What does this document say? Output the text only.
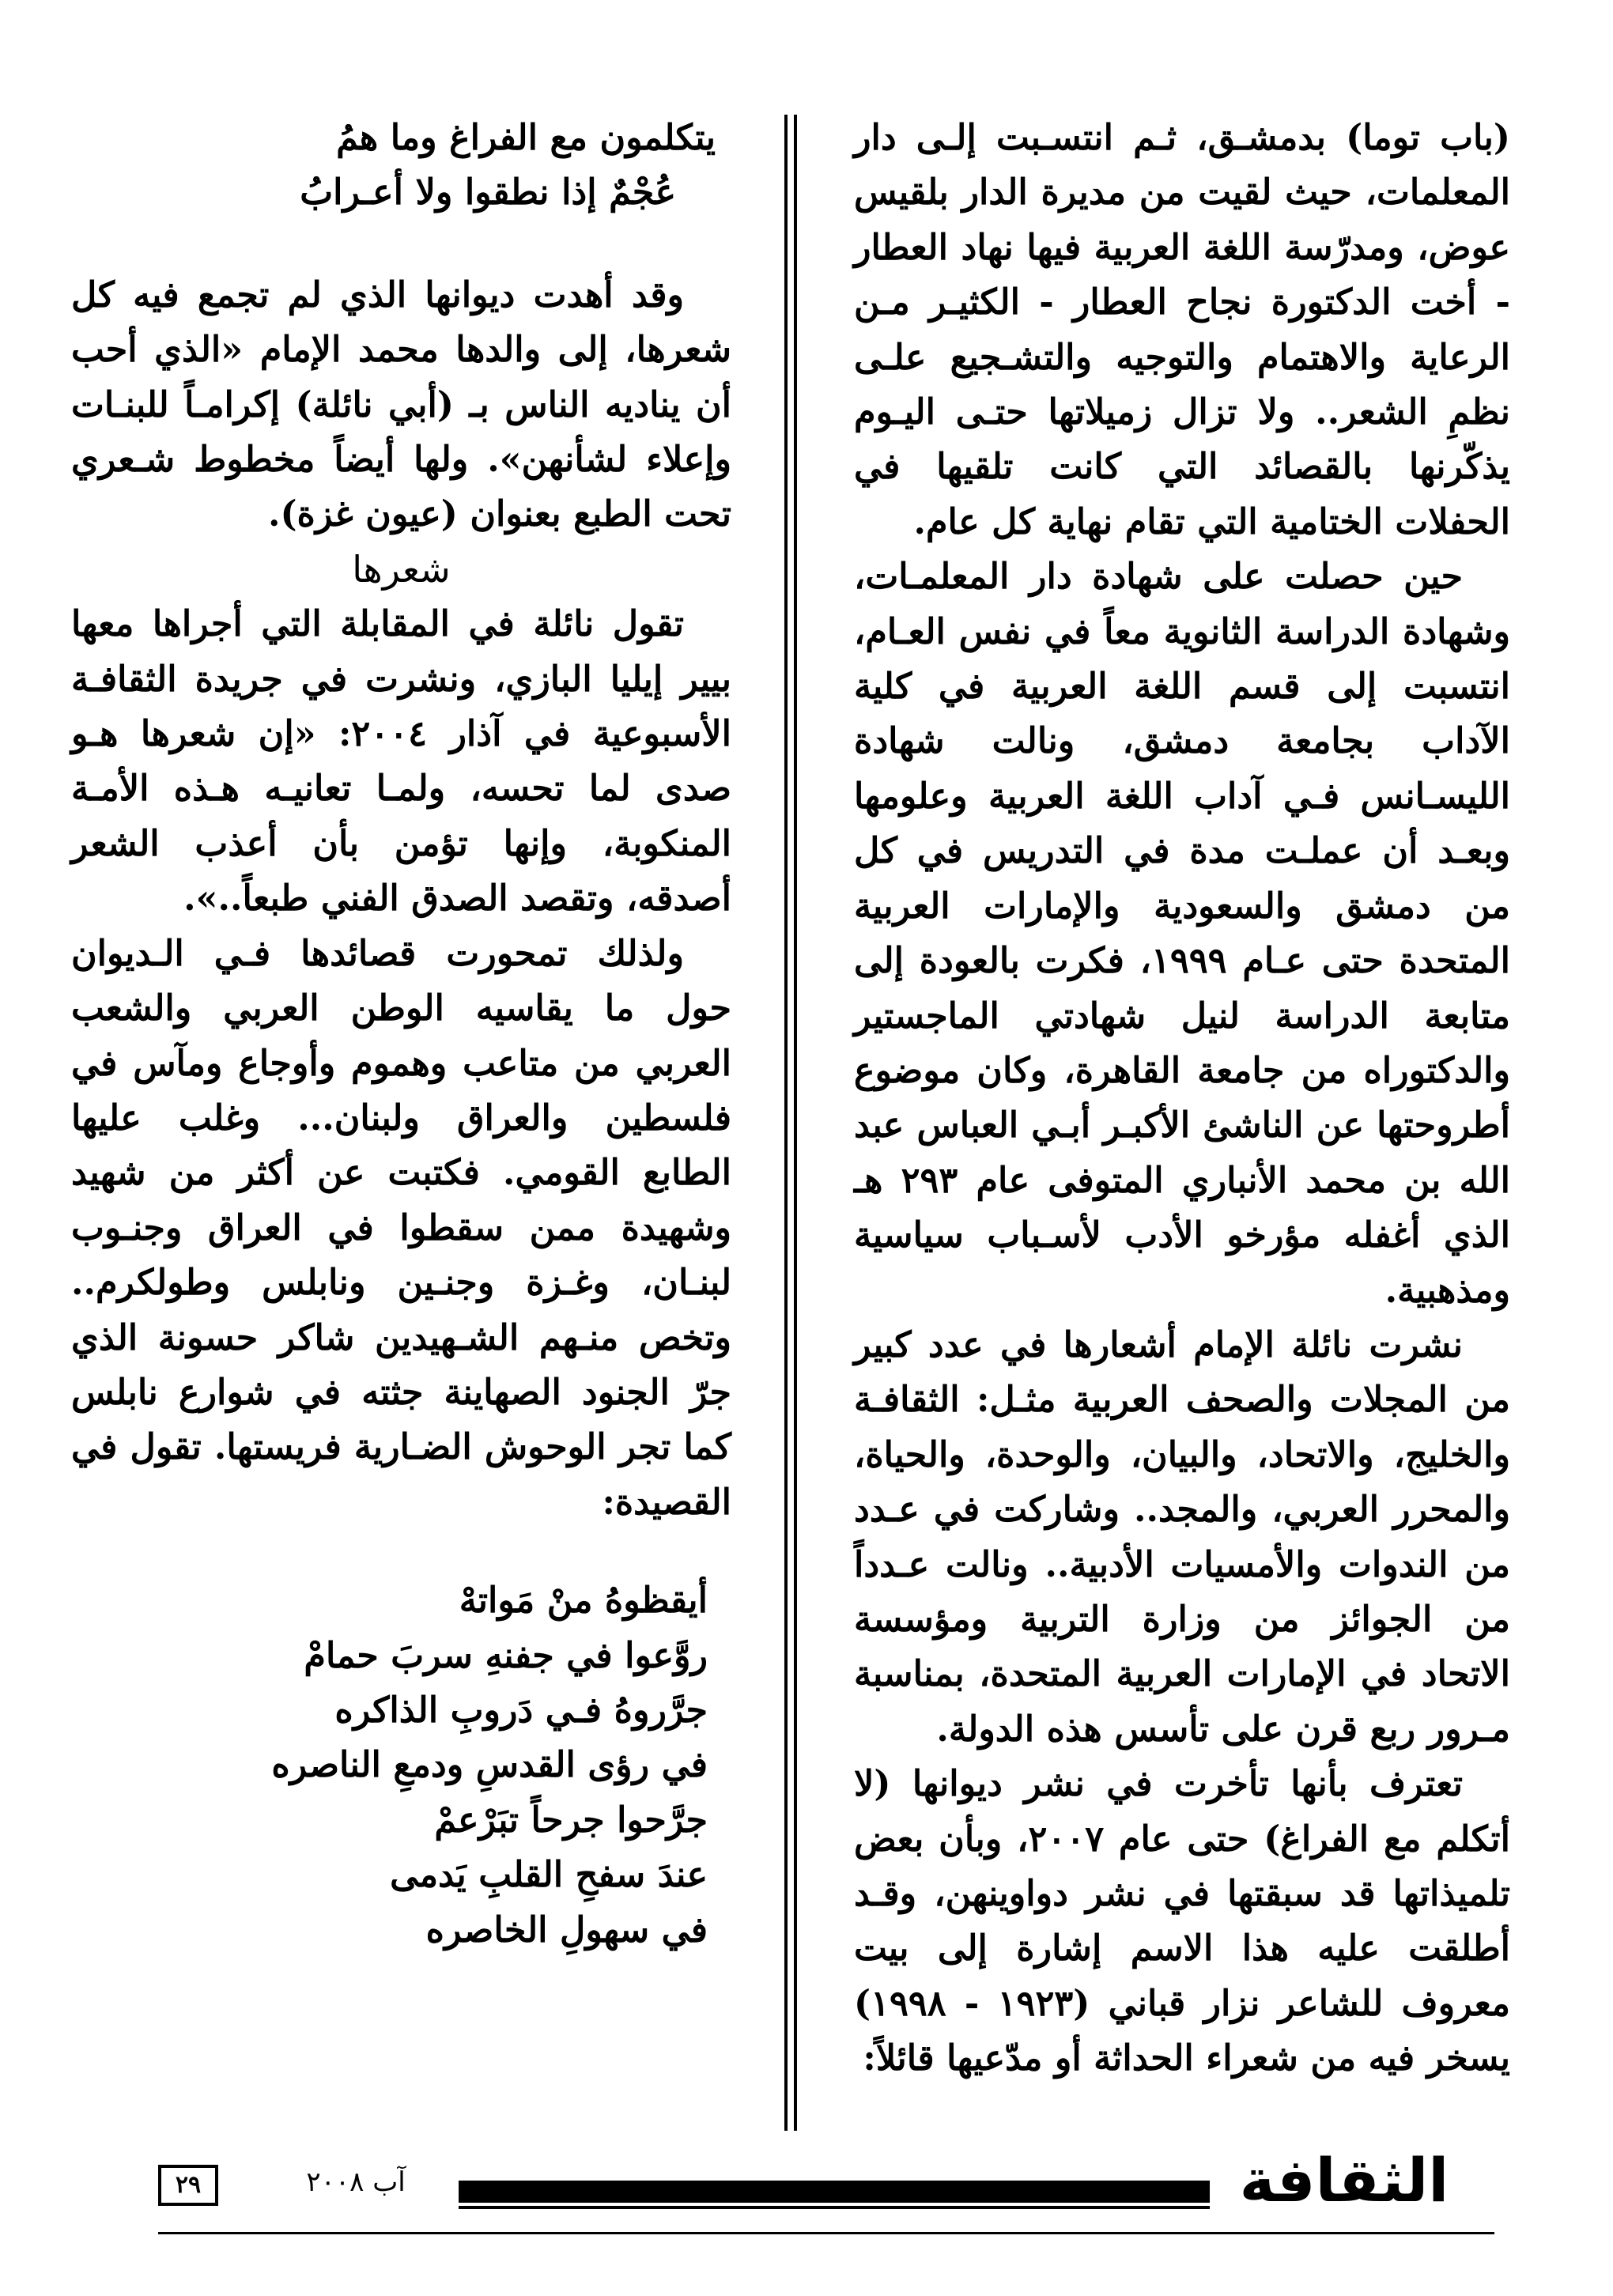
(باب توما) بدمشـق، ثـم انتسـبت إلـى دار المعلمات، حيث لقيت من مديرة الدار بلقيس عوض، ومدرّسة اللغة العربية فيها نهاد العطار - أخت الدكتورة نجاح العطار - الكثيـر مـن الرعاية والاهتمام والتوجيه والتشـجيع علـى نظمِ الشعر.. ولا تزال زميلاتها حتـى اليـوم يذكّرنها بالقصائد التي كانت تلقيها في الحفلات الختامية التي تقام نهاية كل عام.

حين حصلت على شهادة دار المعلمـات، وشهادة الدراسة الثانوية معاً في نفس العـام، انتسبت إلى قسم اللغة العربية في كلية الآداب بجامعة دمشق، ونالت شهادة الليسـانس فـي آداب اللغة العربية وعلومها وبعـد أن عملـت مدة في التدريس في كل من دمشق والسعودية والإمارات العربية المتحدة حتى عـام ١٩٩٩، فكرت بالعودة إلى متابعة الدراسة لنيل شهادتي الماجستير والدكتوراه من جامعة القاهرة، وكان موضوع أطروحتها عن الناشئ الأكبـر أبـي العباس عبد الله بن محمد الأنباري المتوفى عام ٢٩٣ هـ الذي أغفله مؤرخو الأدب لأسـباب سياسية ومذهبية.

نشرت نائلة الإمام أشعارها في عدد كبير من المجلات والصحف العربية مثـل: الثقافـة والخليج، والاتحاد، والبيان، والوحدة، والحياة، والمحرر العربي، والمجد.. وشاركت في عـدد من الندوات والأمسيات الأدبية.. ونالت عـدداً من الجوائز من وزارة التربية ومؤسسة الاتحاد في الإمارات العربية المتحدة، بمناسبة مـرور ربع قرن على تأسس هذه الدولة.

تعترف بأنها تأخرت في نشر ديوانها (لا أتكلم مع الفراغ) حتى عام ٢٠٠٧، وبأن بعض تلميذاتها قد سبقتها في نشر دواوينهن، وقـد أطلقت عليه هذا الاسم إشارة إلى بيت معروف للشاعر نزار قباني (١٩٢٣ - ١٩٩٨) يسخر فيه من شعراء الحداثة أو مدّعيها قائلاً:

يتكلمون مع الفراغ وما همُ
عُجْمٌ إذا نطقوا ولا أعـرابُ

وقد أهدت ديوانها الذي لم تجمع فيه كل شعرها، إلى والدها محمد الإمام «الذي أحب أن يناديه الناس بـ (أبي نائلة) إكرامـاً للبنـات وإعلاء لشأنهن». ولها أيضاً مخطوط شـعري تحت الطبع بعنوان (عيون غزة).

شعرها

تقول نائلة في المقابلة التي أجراها معها بيير إيليا البازي، ونشرت في جريدة الثقافـة الأسبوعية في آذار ٢٠٠٤: «إن شعرها هـو صدى لما تحسه، ولمـا تعانيـه هـذه الأمـة المنكوبة، وإنها تؤمن بأن أعذب الشعر أصدقه، وتقصد الصدق الفني طبعاً..».

ولذلك تمحورت قصائدها فـي الـديوان حول ما يقاسيه الوطن العربي والشعب العربي من متاعب وهموم وأوجاع ومآس في فلسطين والعراق ولبنان... وغلب عليها الطابع القومي. فكتبت عن أكثر من شهيد وشهيدة ممن سقطوا في العراق وجنـوب لبنـان، وغـزة وجنـين ونابلس وطولكرم.. وتخص منـهم الشـهيدين شاكر حسونة الذي جرّ الجنود الصهاينة جثته في شوارع نابلس كما تجر الوحوش الضـارية فريستها. تقول في القصيدة:

أيقظوهُ منْ مَواتهْ
روَّعوا في جفنهِ سربَ حمامْ
جرَّروهُ فـي دَروبِ الذاكره
في رؤى القدسِ ودمعِ الناصره
جرَّحوا جرحاً تبَرْعمْ
عندَ سفحِ القلبِ يَدمى
في سهولِ الخاصره
الثقافة
آب ٢٠٠٨
٢٩
